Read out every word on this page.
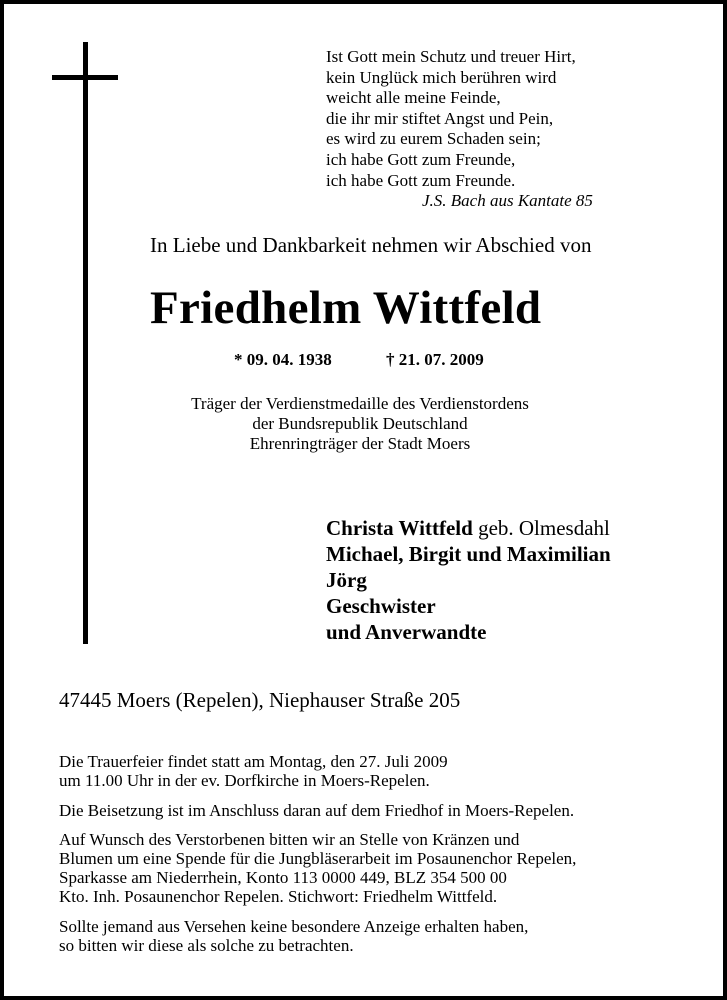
Ist Gott mein Schutz und treuer Hirt,
kein Unglück mich berühren wird
weicht alle meine Feinde,
die ihr mir stiftet Angst und Pein,
es wird zu eurem Schaden sein;
ich habe Gott zum Freunde,
ich habe Gott zum Freunde.
J.S. Bach aus Kantate 85
In Liebe und Dankbarkeit nehmen wir Abschied von
Friedhelm Wittfeld
* 09. 04. 1938	† 21. 07. 2009
Träger der Verdienstmedaille des Verdienstordens
der Bundsrepublik Deutschland
Ehrenringträger der Stadt Moers
Christa Wittfeld geb. Olmesdahl
Michael, Birgit und Maximilian
Jörg
Geschwister
und Anverwandte
47445 Moers (Repelen), Niephauser Straße 205
Die Trauerfeier findet statt am Montag, den 27. Juli 2009
um 11.00 Uhr in der ev. Dorfkirche in Moers-Repelen.
Die Beisetzung ist im Anschluss daran auf dem Friedhof in Moers-Repelen.
Auf Wunsch des Verstorbenen bitten wir an Stelle von Kränzen und
Blumen um eine Spende für die Jungbläserarbeit im Posaunenchor Repelen,
Sparkasse am Niederrhein, Konto 113 0000 449, BLZ 354 500 00
Kto. Inh. Posaunenchor Repelen. Stichwort: Friedhelm Wittfeld.
Sollte jemand aus Versehen keine besondere Anzeige erhalten haben,
so bitten wir diese als solche zu betrachten.
